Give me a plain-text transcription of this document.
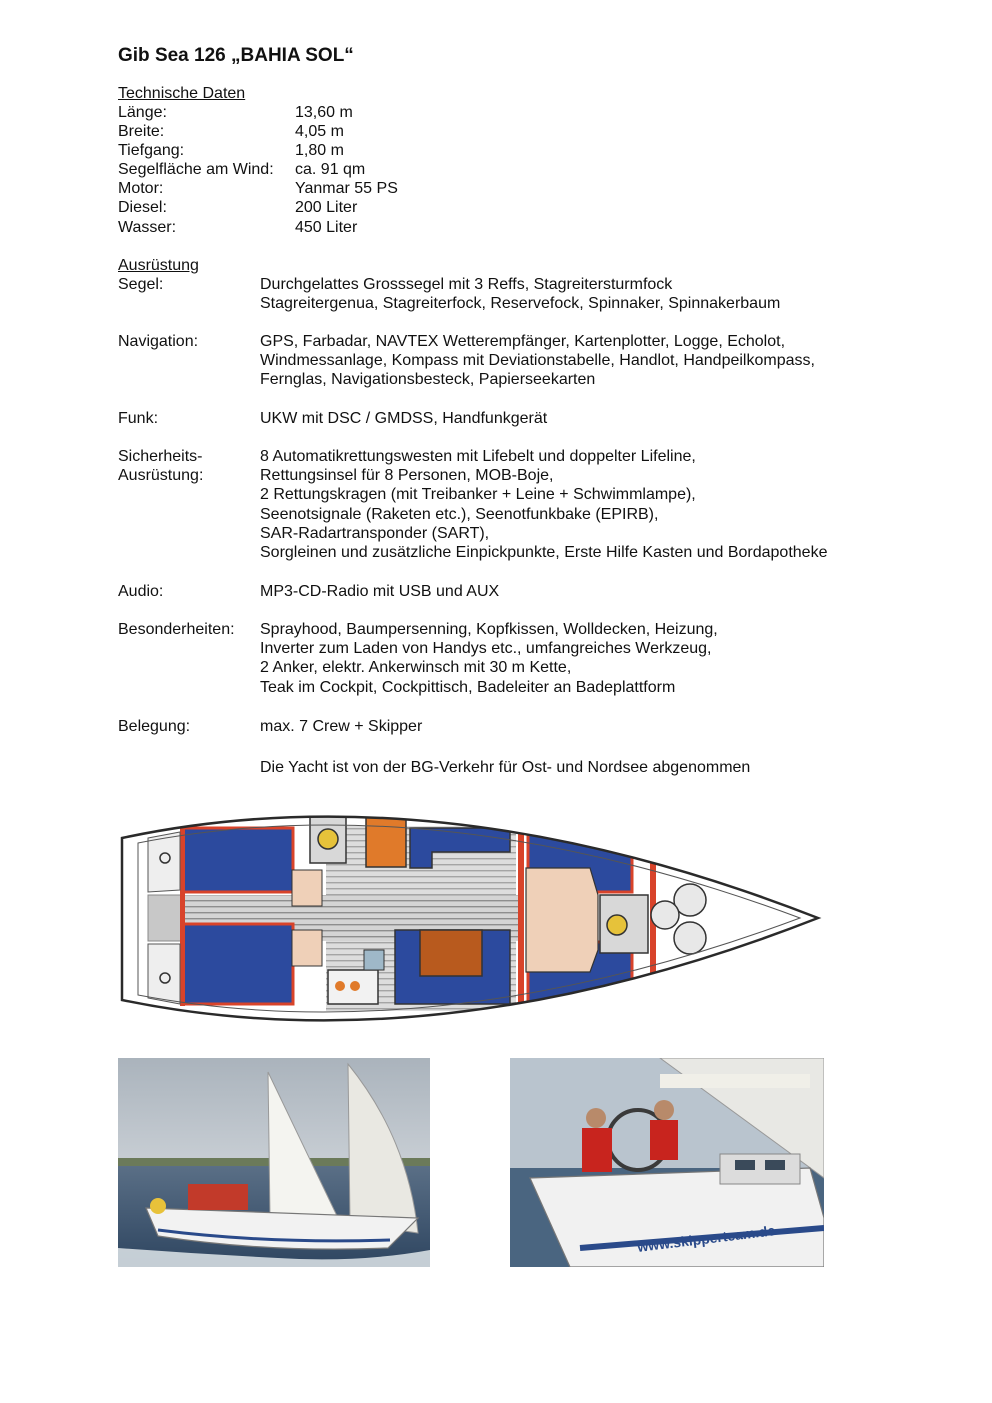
Gib Sea 126 „BAHIA SOL“
Technische Daten
Länge:	13,60 m
Breite:	4,05 m
Tiefgang:	1,80 m
Segelfläche am Wind: ca. 91 qm
Motor:	Yanmar 55 PS
Diesel:	200 Liter
Wasser:	450 Liter
Ausrüstung
Segel:	Durchgelattes Grosssegel mit 3 Reffs, Stagreitersturmfock
Stagreitergenua, Stagreiterfock, Reservefock, Spinnaker, Spinnakerbaum
Navigation:	GPS, Farbadar, NAVTEX Wetterempfänger, Kartenplotter, Logge, Echolot,
Windmessanlage, Kompass mit Deviationstabelle, Handlot, Handpeilkompass,
Fernglas, Navigationsbesteck, Papierseekarten
Funk:	UKW mit DSC / GMDSS, Handfunkgerät
Sicherheits-
Ausrüstung:
8 Automatikrettungswesten mit Lifebelt und doppelter Lifeline,
Rettungsinsel für 8 Personen, MOB-Boje,
2 Rettungskragen (mit Treibanker + Leine + Schwimmlampe),
Seenotsignale (Raketen etc.), Seenotfunkbake (EPIRB),
SAR-Radartransponder (SART),
Sorgleinen und zusätzliche Einpickpunkte, Erste Hilfe Kasten und Bordapotheke
Audio:	MP3-CD-Radio mit USB und AUX
Besonderheiten: Sprayhood, Baumpersenning, Kopfkissen, Wolldecken, Heizung,
Inverter zum Laden von Handys etc., umfangreiches Werkzeug,
2 Anker, elektr. Ankerwinsch mit 30 m Kette,
Teak im Cockpit, Cockpittisch, Badeleiter an Badeplattform
Belegung:	max. 7 Crew + Skipper
Die Yacht ist von der BG-Verkehr für Ost- und Nordsee abgenommen
www.skipperteam.de
